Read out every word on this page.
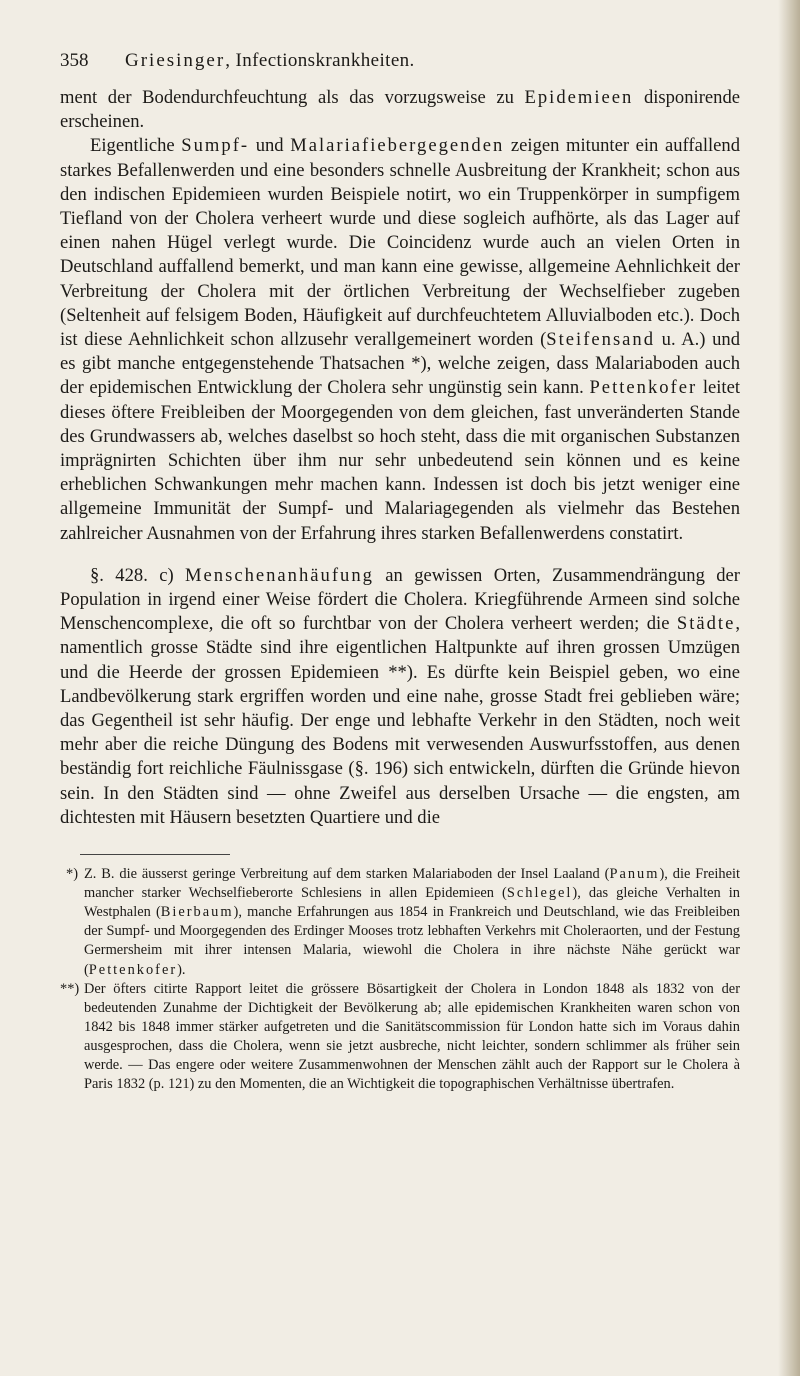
358	Griesinger, Infectionskrankheiten.

ment der Bodendurchfeuchtung als das vorzugsweise zu Epidemieen disponirende erscheinen.

Eigentliche Sumpf- und Malariafiebergegenden zeigen mitunter ein auffallend starkes Befallenwerden und eine besonders schnelle Ausbreitung der Krankheit; schon aus den indischen Epidemieen wurden Beispiele notirt, wo ein Truppenkörper in sumpfigem Tiefland von der Cholera verheert wurde und diese sogleich aufhörte, als das Lager auf einen nahen Hügel verlegt wurde. Die Coincidenz wurde auch an vielen Orten in Deutschland auffallend bemerkt, und man kann eine gewisse, allgemeine Aehnlichkeit der Verbreitung der Cholera mit der örtlichen Verbreitung der Wechselfieber zugeben (Seltenheit auf felsigem Boden, Häufigkeit auf durchfeuchtetem Alluvialboden etc.). Doch ist diese Aehnlichkeit schon allzusehr verallgemeinert worden (Steifensand u. A.) und es gibt manche entgegenstehende Thatsachen *), welche zeigen, dass Malariaboden auch der epidemischen Entwicklung der Cholera sehr ungünstig sein kann. Pettenkofer leitet dieses öftere Freibleiben der Moorgegenden von dem gleichen, fast unveränderten Stande des Grundwassers ab, welches daselbst so hoch steht, dass die mit organischen Substanzen imprägnirten Schichten über ihm nur sehr unbedeutend sein können und es keine erheblichen Schwankungen mehr machen kann. Indessen ist doch bis jetzt weniger eine allgemeine Immunität der Sumpf- und Malariagegenden als vielmehr das Bestehen zahlreicher Ausnahmen von der Erfahrung ihres starken Befallenwerdens constatirt.

§. 428. c) Menschenanhäufung an gewissen Orten, Zusammendrängung der Population in irgend einer Weise fördert die Cholera. Kriegführende Armeen sind solche Menschencomplexe, die oft so furchtbar von der Cholera verheert werden; die Städte, namentlich grosse Städte sind ihre eigentlichen Haltpunkte auf ihren grossen Umzügen und die Heerde der grossen Epidemieen **). Es dürfte kein Beispiel geben, wo eine Landbevölkerung stark ergriffen worden und eine nahe, grosse Stadt frei geblieben wäre; das Gegentheil ist sehr häufig. Der enge und lebhafte Verkehr in den Städten, noch weit mehr aber die reiche Düngung des Bodens mit verwesenden Auswurfsstoffen, aus denen beständig fort reichliche Fäulnissgase (§. 196) sich entwickeln, dürften die Gründe hievon sein. In den Städten sind — ohne Zweifel aus derselben Ursache — die engsten, am dichtesten mit Häusern besetzten Quartiere und die

*) Z. B. die äusserst geringe Verbreitung auf dem starken Malariaboden der Insel Laaland (Panum), die Freiheit mancher starker Wechselfieberorte Schlesiens in allen Epidemieen (Schlegel), das gleiche Verhalten in Westphalen (Bierbaum), manche Erfahrungen aus 1854 in Frankreich und Deutschland, wie das Freibleiben der Sumpf- und Moorgegenden des Erdinger Mooses trotz lebhaften Verkehrs mit Choleraorten, und der Festung Germersheim mit ihrer intensen Malaria, wiewohl die Cholera in ihre nächste Nähe gerückt war (Pettenkofer).
**) Der öfters citirte Rapport leitet die grössere Bösartigkeit der Cholera in London 1848 als 1832 von der bedeutenden Zunahme der Dichtigkeit der Bevölkerung ab; alle epidemischen Krankheiten waren schon von 1842 bis 1848 immer stärker aufgetreten und die Sanitätscommission für London hatte sich im Voraus dahin ausgesprochen, dass die Cholera, wenn sie jetzt ausbreche, nicht leichter, sondern schlimmer als früher sein werde. — Das engere oder weitere Zusammenwohnen der Menschen zählt auch der Rapport sur le Cholera à Paris 1832 (p. 121) zu den Momenten, die an Wichtigkeit die topographischen Verhältnisse übertrafen.
